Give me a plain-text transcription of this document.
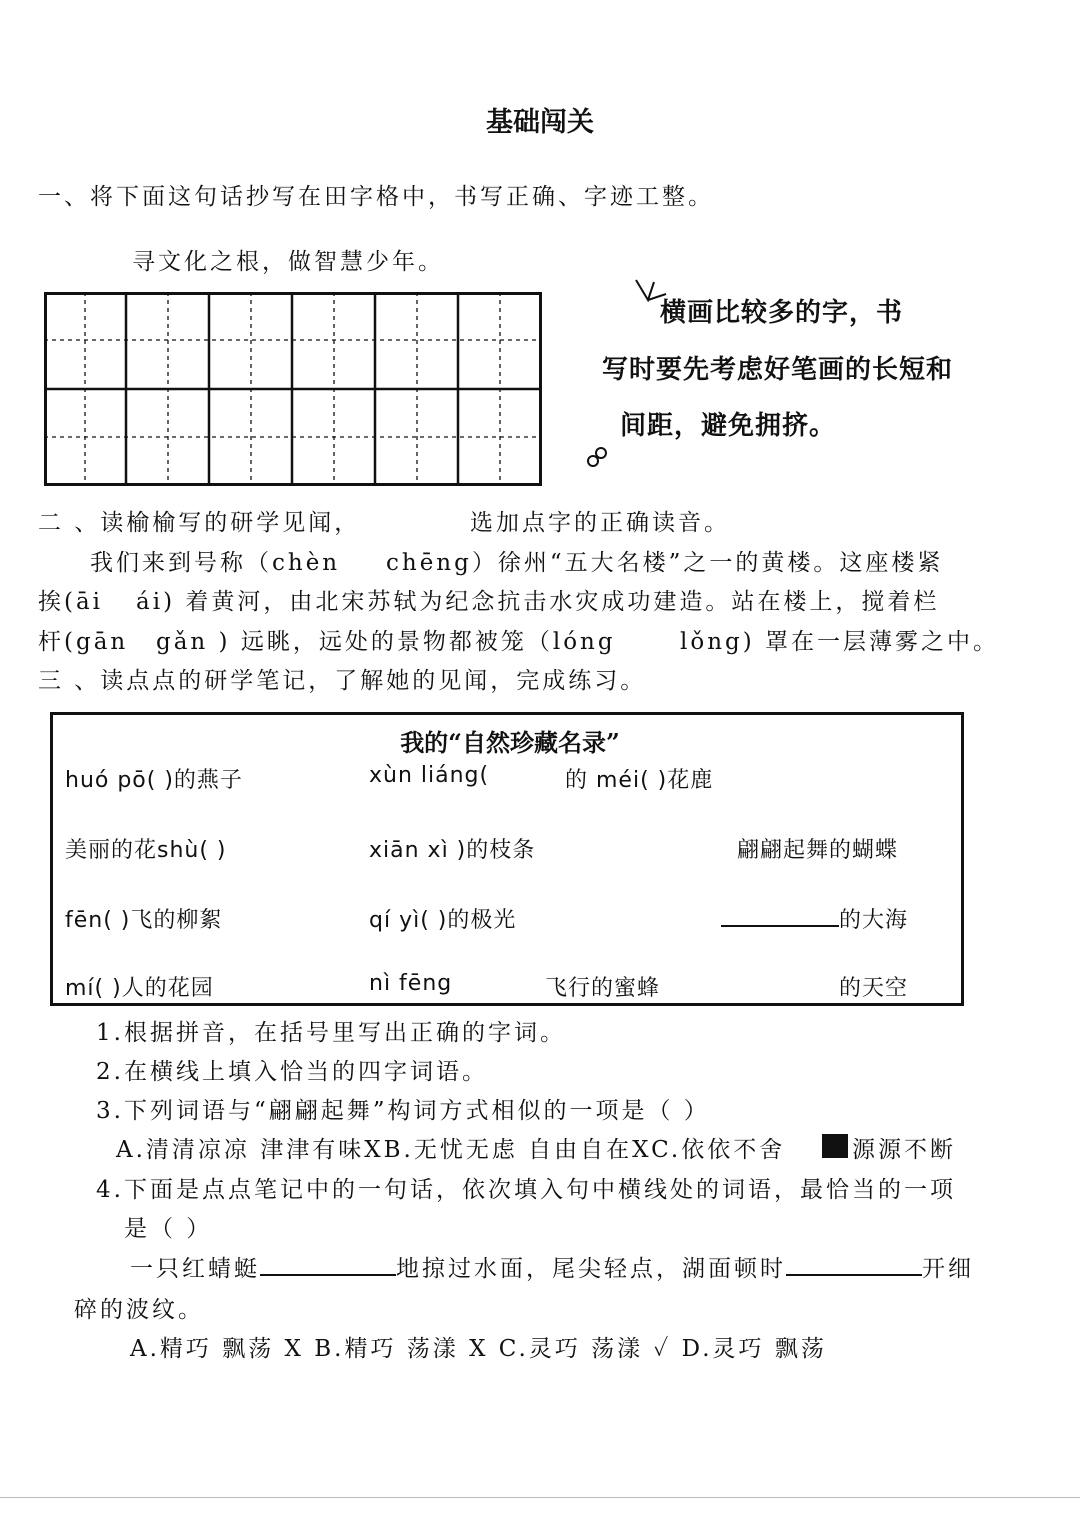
基础闯关
一、将下面这句话抄写在田字格中，书写正确、字迹工整。
寻文化之根，做智慧少年。
横画比较多的字，书
写时要先考虑好笔画的长短和
间距，避免拥挤。
二 、读榆榆写的研学见闻，	选加点字的正确读音。
我们来到号称（chèn chēng）徐州“五大名楼”之一的黄楼。这座楼紧
挨(āi ái) 着黄河，由北宋苏轼为纪念抗击水灾成功建造。站在楼上，搅着栏
杆(gān gǎn ) 远眺，远处的景物都被笼（lóng	lǒng) 罩在一层薄雾之中。
三 、读点点的研学笔记，了解她的见闻，完成练习。
我的“自然珍藏名录”
huó pō( )的燕子	xùn liáng(	的 méi( )花鹿
美丽的花shù( )	xiān xì )的枝条	翩翩起舞的蝴蝶
fēn( )飞的柳絮	qí yì( )的极光	的大海
mí( )人的花园	nì fēng	飞行的蜜蜂	的天空
1.根据拼音，在括号里写出正确的字词。
2.在横线上填入恰当的四字词语。
3.下列词语与“翩翩起舞”构词方式相似的一项是（ ）
A.清清凉凉 津津有味XB.无忧无虑 自由自在XC.依依不舍	源源不断
4.下面是点点笔记中的一句话，依次填入句中横线处的词语，最恰当的一项
是（ ）
一只红蜻蜓	地掠过水面，尾尖轻点，湖面顿时	开细
碎的波纹。
A.精巧 飘荡 X B.精巧 荡漾 X C.灵巧 荡漾 ✓ D.灵巧 飘荡
